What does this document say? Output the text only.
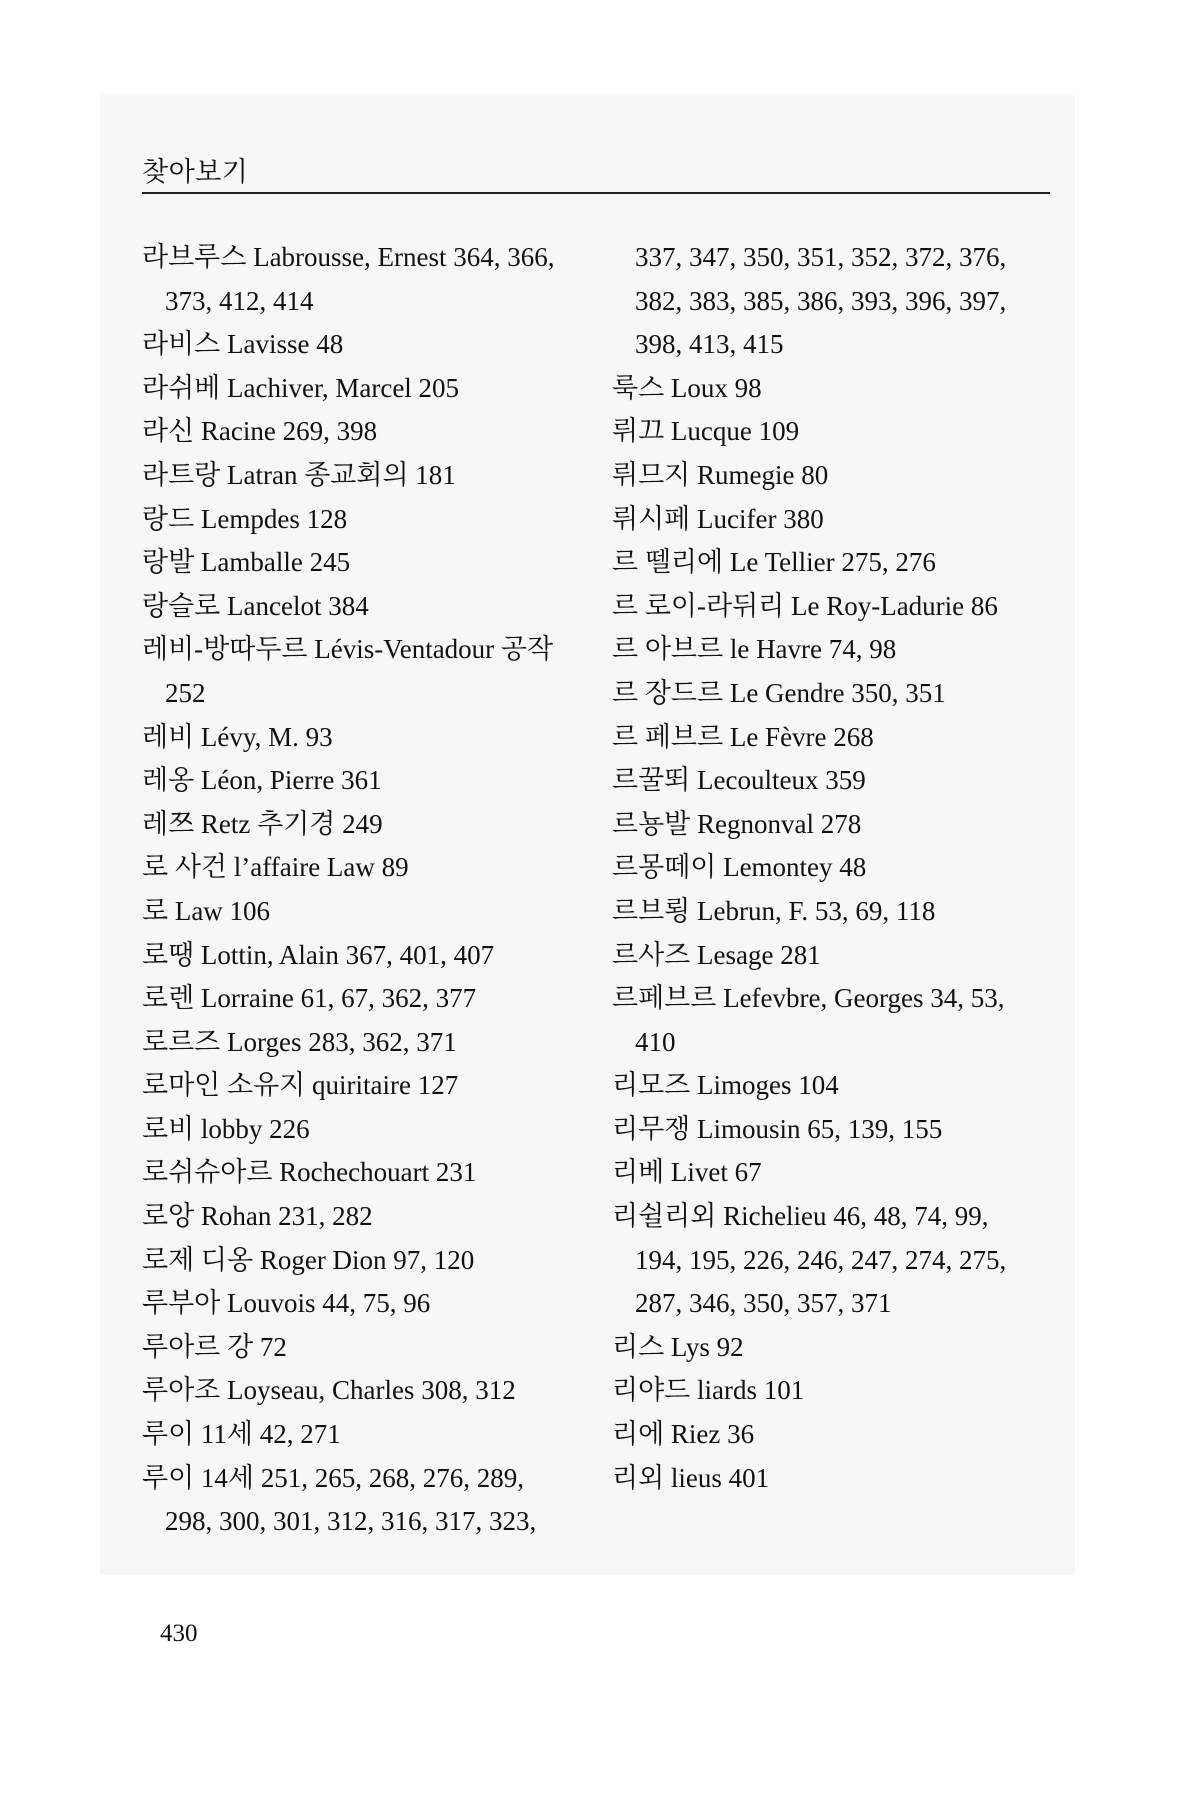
찾아보기

라브루스 Labrousse, Ernest 364, 366,
373, 412, 414

라비스 Lavisse 48

라쉬베 Lachiver, Marcel 205

라신 Racine 269, 398

라트랑 Latran 종교회의 181

랑드 Lempdes 128

랑발 Lamballe 245

랑슬로 Lancelot 384

레비-방따두르 Lévis-Ventadour 공작
252

레비 Lévy, M. 93

레옹 Léon, Pierre 361

레쯔 Retz 추기경 249

로 사건 l’affaire Law 89

로 Law 106

로땡 Lottin, Alain 367, 401, 407

로렌 Lorraine 61, 67, 362, 377

로르즈 Lorges 283, 362, 371

로마인 소유지 quiritaire 127

로비 lobby 226

로쉬슈아르 Rochechouart 231

로앙 Rohan 231, 282

로제 디옹 Roger Dion 97, 120

루부아 Louvois 44, 75, 96

루아르 강 72

루아조 Loyseau, Charles 308, 312

루이 11세 42, 271

루이 14세 251, 265, 268, 276, 289,
298, 300, 301, 312, 316, 317, 323,

337, 347, 350, 351, 352, 372, 376,

382, 383, 385, 386, 393, 396, 397,

398, 413, 415

룩스 Loux 98

뤼끄 Lucque 109

뤼므지 Rumegie 80

뤼시페 Lucifer 380

르 뗄리에 Le Tellier 275, 276

르 로이-라뒤리 Le Roy-Ladurie 86

르 아브르 le Havre 74, 98

르 장드르 Le Gendre 350, 351

르 페브르 Le Fèvre 268

르꿀뙤 Lecoulteux 359

르뇽발 Regnonval 278

르몽떼이 Lemontey 48

르브룅 Lebrun, F. 53, 69, 118

르사즈 Lesage 281

르페브르 Lefevbre, Georges 34, 53,
410

리모즈 Limoges 104

리무쟁 Limousin 65, 139, 155

리베 Livet 67

리쉴리외 Richelieu 46, 48, 74, 99,
194, 195, 226, 246, 247, 274, 275,

287, 346, 350, 357, 371

리스 Lys 92

리야드 liards 101

리에 Riez 36

리외 lieus 401

430
